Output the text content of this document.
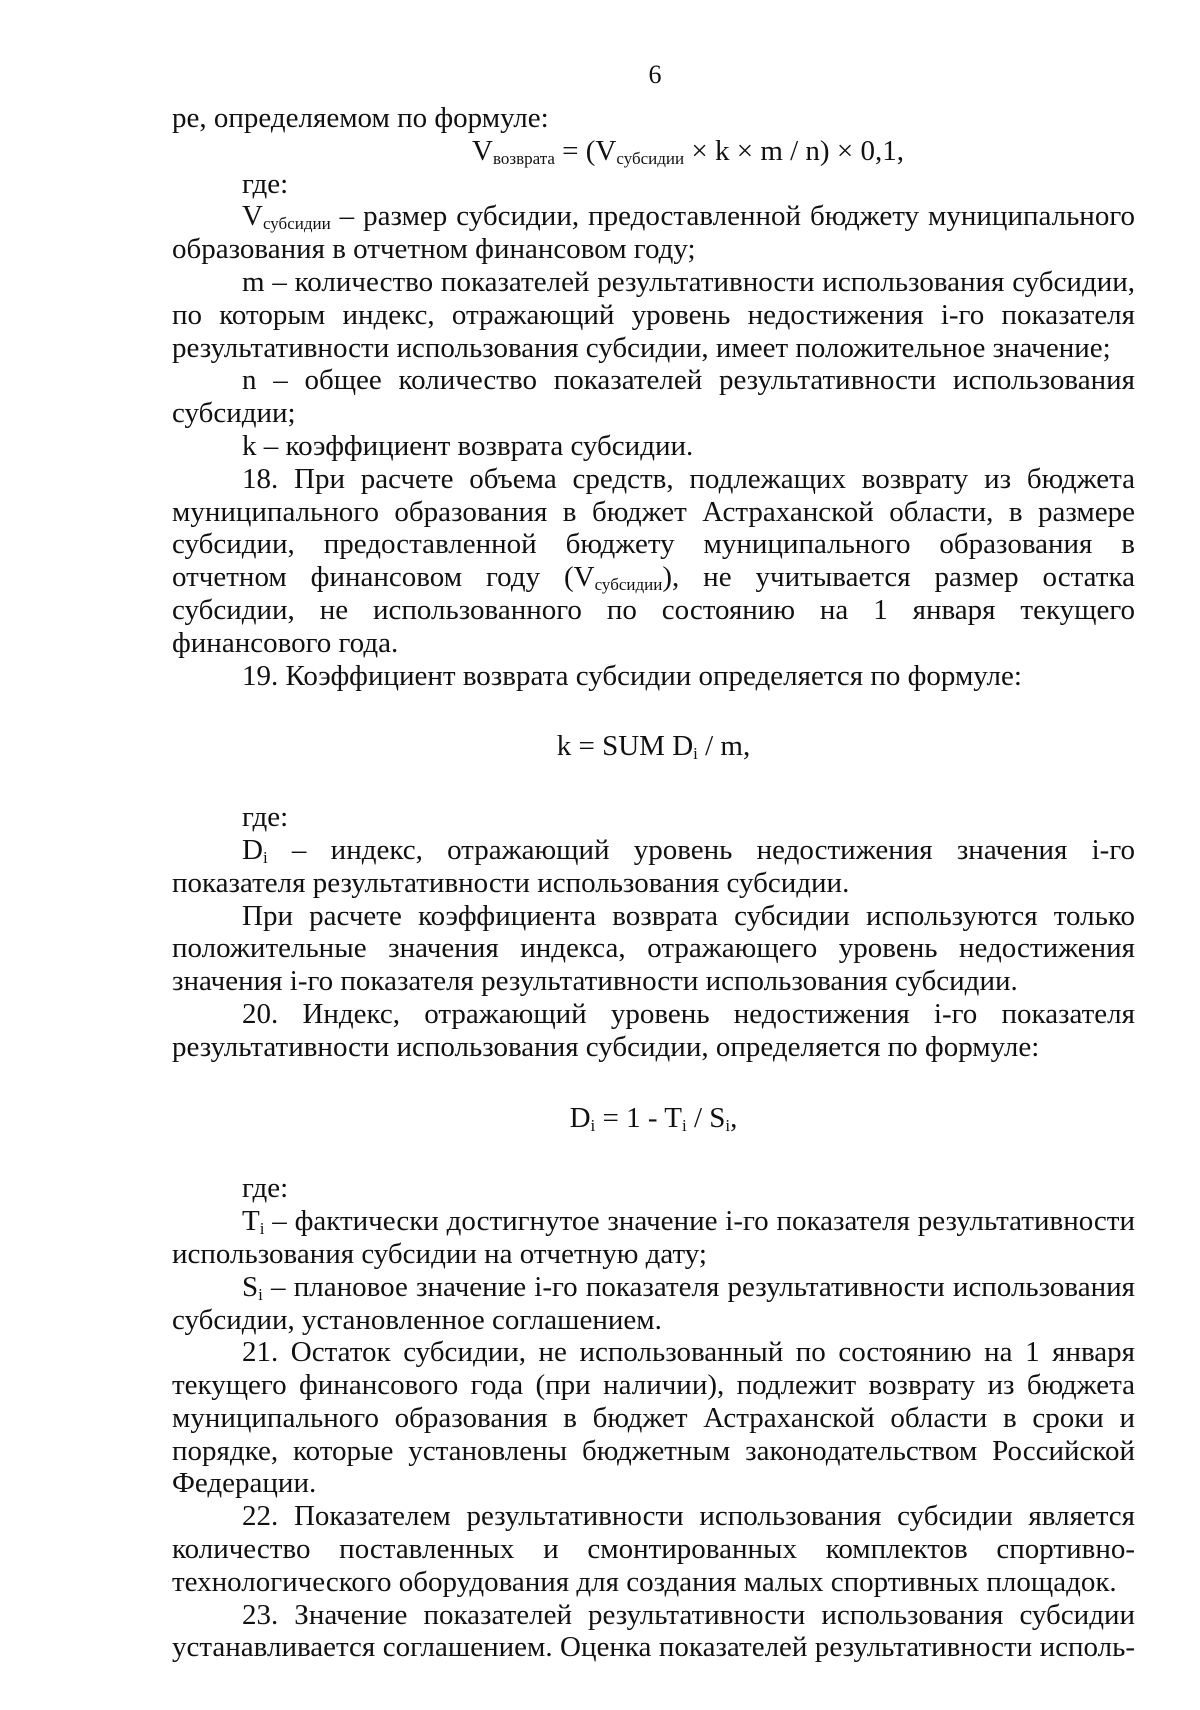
6

ре, определяемом по формуле:

$V_{возврата} = (V_{субсидии} \times k \times m / n) \times 0,1$,

где:

$V_{субсидии}$ – размер субсидии, предоставленной бюджету муниципального образования в отчетном финансовом году;

m – количество показателей результативности использования субсидии, по которым индекс, отражающий уровень недостижения i-го показателя результативности использования субсидии, имеет положительное значение;

n – общее количество показателей результативности использования субсидии;

k – коэффициент возврата субсидии.

18. При расчете объема средств, подлежащих возврату из бюджета муниципального образования в бюджет Астраханской области, в размере субсидии, предоставленной бюджету муниципального образования в отчетном финансовом году $(V_{субсидии})$, не учитывается размер остатка субсидии, не использованного по состоянию на 1 января текущего финансового года.

19. Коэффициент возврата субсидии определяется по формуле:

k = SUM $D_i$ / m,

где:

$D_i$ – индекс, отражающий уровень недостижения значения i-го показателя результативности использования субсидии.

При расчете коэффициента возврата субсидии используются только положительные значения индекса, отражающего уровень недостижения значения i-го показателя результативности использования субсидии.

20. Индекс, отражающий уровень недостижения i-го показателя результативности использования субсидии, определяется по формуле:

$D_i = 1 - T_i / S_i$,

где:

$T_i$ – фактически достигнутое значение i-го показателя результативности использования субсидии на отчетную дату;

$S_i$ – плановое значение i-го показателя результативности использования субсидии, установленное соглашением.

21. Остаток субсидии, не использованный по состоянию на 1 января текущего финансового года (при наличии), подлежит возврату из бюджета муниципального образования в бюджет Астраханской области в сроки и порядке, которые установлены бюджетным законодательством Российской Федерации.

22. Показателем результативности использования субсидии является количество поставленных и смонтированных комплектов спортивно-технологического оборудования для создания малых спортивных площадок.

23. Значение показателей результативности использования субсидии устанавливается соглашением. Оценка показателей результативности исполь-
